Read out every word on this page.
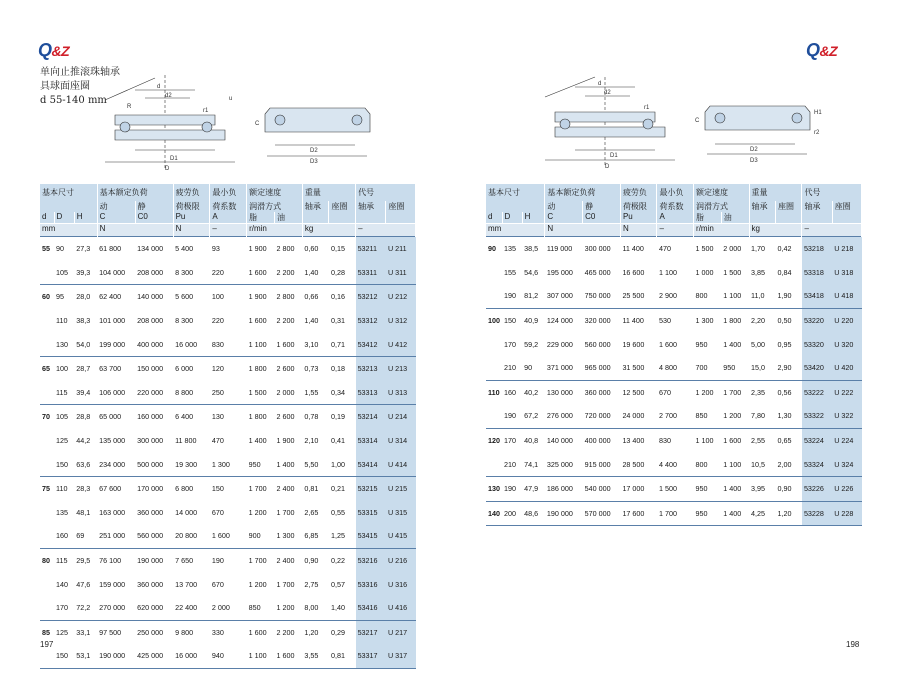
Q&Z
单向止推滚珠轴承
具球面座圈
d 55-140 mm
d
d2
R
r1
D1
D
u
C
D2
D3
基本尺寸			基本额定负荷		疲劳负	最小负	额定速度		重量		代号	
			动	静	荷极限	荷系数	润滑方式		轴承	座圈	轴承	座圈
d	D	H	C	C0	Pu	A	脂	油				
mm			N		N	–	r/min		kg		–	
55	90	27,3	61 800	134 000	5 400	93	1 900	2 800	0,60	0,15	53211	U 211
	105	39,3	104 000	208 000	8 300	220	1 600	2 200	1,40	0,28	53311	U 311
60	95	28,0	62 400	140 000	5 600	100	1 900	2 800	0,66	0,16	53212	U 212
	110	38,3	101 000	208 000	8 300	220	1 600	2 200	1,40	0,31	53312	U 312
	130	54,0	199 000	400 000	16 000	830	1 100	1 600	3,10	0,71	53412	U 412
65	100	28,7	63 700	150 000	6 000	120	1 800	2 600	0,73	0,18	53213	U 213
	115	39,4	106 000	220 000	8 800	250	1 500	2 000	1,55	0,34	53313	U 313
70	105	28,8	65 000	160 000	6 400	130	1 800	2 600	0,78	0,19	53214	U 214
	125	44,2	135 000	300 000	11 800	470	1 400	1 900	2,10	0,41	53314	U 314
	150	63,6	234 000	500 000	19 300	1 300	950	1 400	5,50	1,00	53414	U 414
75	110	28,3	67 600	170 000	6 800	150	1 700	2 400	0,81	0,21	53215	U 215
	135	48,1	163 000	360 000	14 000	670	1 200	1 700	2,65	0,55	53315	U 315
	160	69	251 000	560 000	20 800	1 600	900	1 300	6,85	1,25	53415	U 415
80	115	29,5	76 100	190 000	7 650	190	1 700	2 400	0,90	0,22	53216	U 216
	140	47,6	159 000	360 000	13 700	670	1 200	1 700	2,75	0,57	53316	U 316
	170	72,2	270 000	620 000	22 400	2 000	850	1 200	8,00	1,40	53416	U 416
85	125	33,1	97 500	250 000	9 800	330	1 600	2 200	1,20	0,29	53217	U 217
	150	53,1	190 000	425 000	16 000	940	1 100	1 600	3,55	0,81	53317	U 317

197
Q&Z
d
d2
r1
D1
D
C
H1
r2
D2
D3
基本尺寸			基本额定负荷		疲劳负	最小负	额定速度		重量		代号	
			动	静	荷极限	荷系数	润滑方式		轴承	座圈	轴承	座圈
d	D	H	C	C0	Pu	A	脂	油				
mm			N		N	–	r/min		kg		–	
90	135	38,5	119 000	300 000	11 400	470	1 500	2 000	1,70	0,42	53218	U 218
	155	54,6	195 000	465 000	16 600	1 100	1 000	1 500	3,85	0,84	53318	U 318
	190	81,2	307 000	750 000	25 500	2 900	800	1 100	11,0	1,90	53418	U 418
100	150	40,9	124 000	320 000	11 400	530	1 300	1 800	2,20	0,50	53220	U 220
	170	59,2	229 000	560 000	19 600	1 600	950	1 400	5,00	0,95	53320	U 320
	210	90	371 000	965 000	31 500	4 800	700	950	15,0	2,90	53420	U 420
110	160	40,2	130 000	360 000	12 500	670	1 200	1 700	2,35	0,56	53222	U 222
	190	67,2	276 000	720 000	24 000	2 700	850	1 200	7,80	1,30	53322	U 322
120	170	40,8	140 000	400 000	13 400	830	1 100	1 600	2,55	0,65	53224	U 224
	210	74,1	325 000	915 000	28 500	4 400	800	1 100	10,5	2,00	53324	U 324
130	190	47,9	186 000	540 000	17 000	1 500	950	1 400	3,95	0,90	53226	U 226
140	200	48,6	190 000	570 000	17 600	1 700	950	1 400	4,25	1,20	53228	U 228

198
